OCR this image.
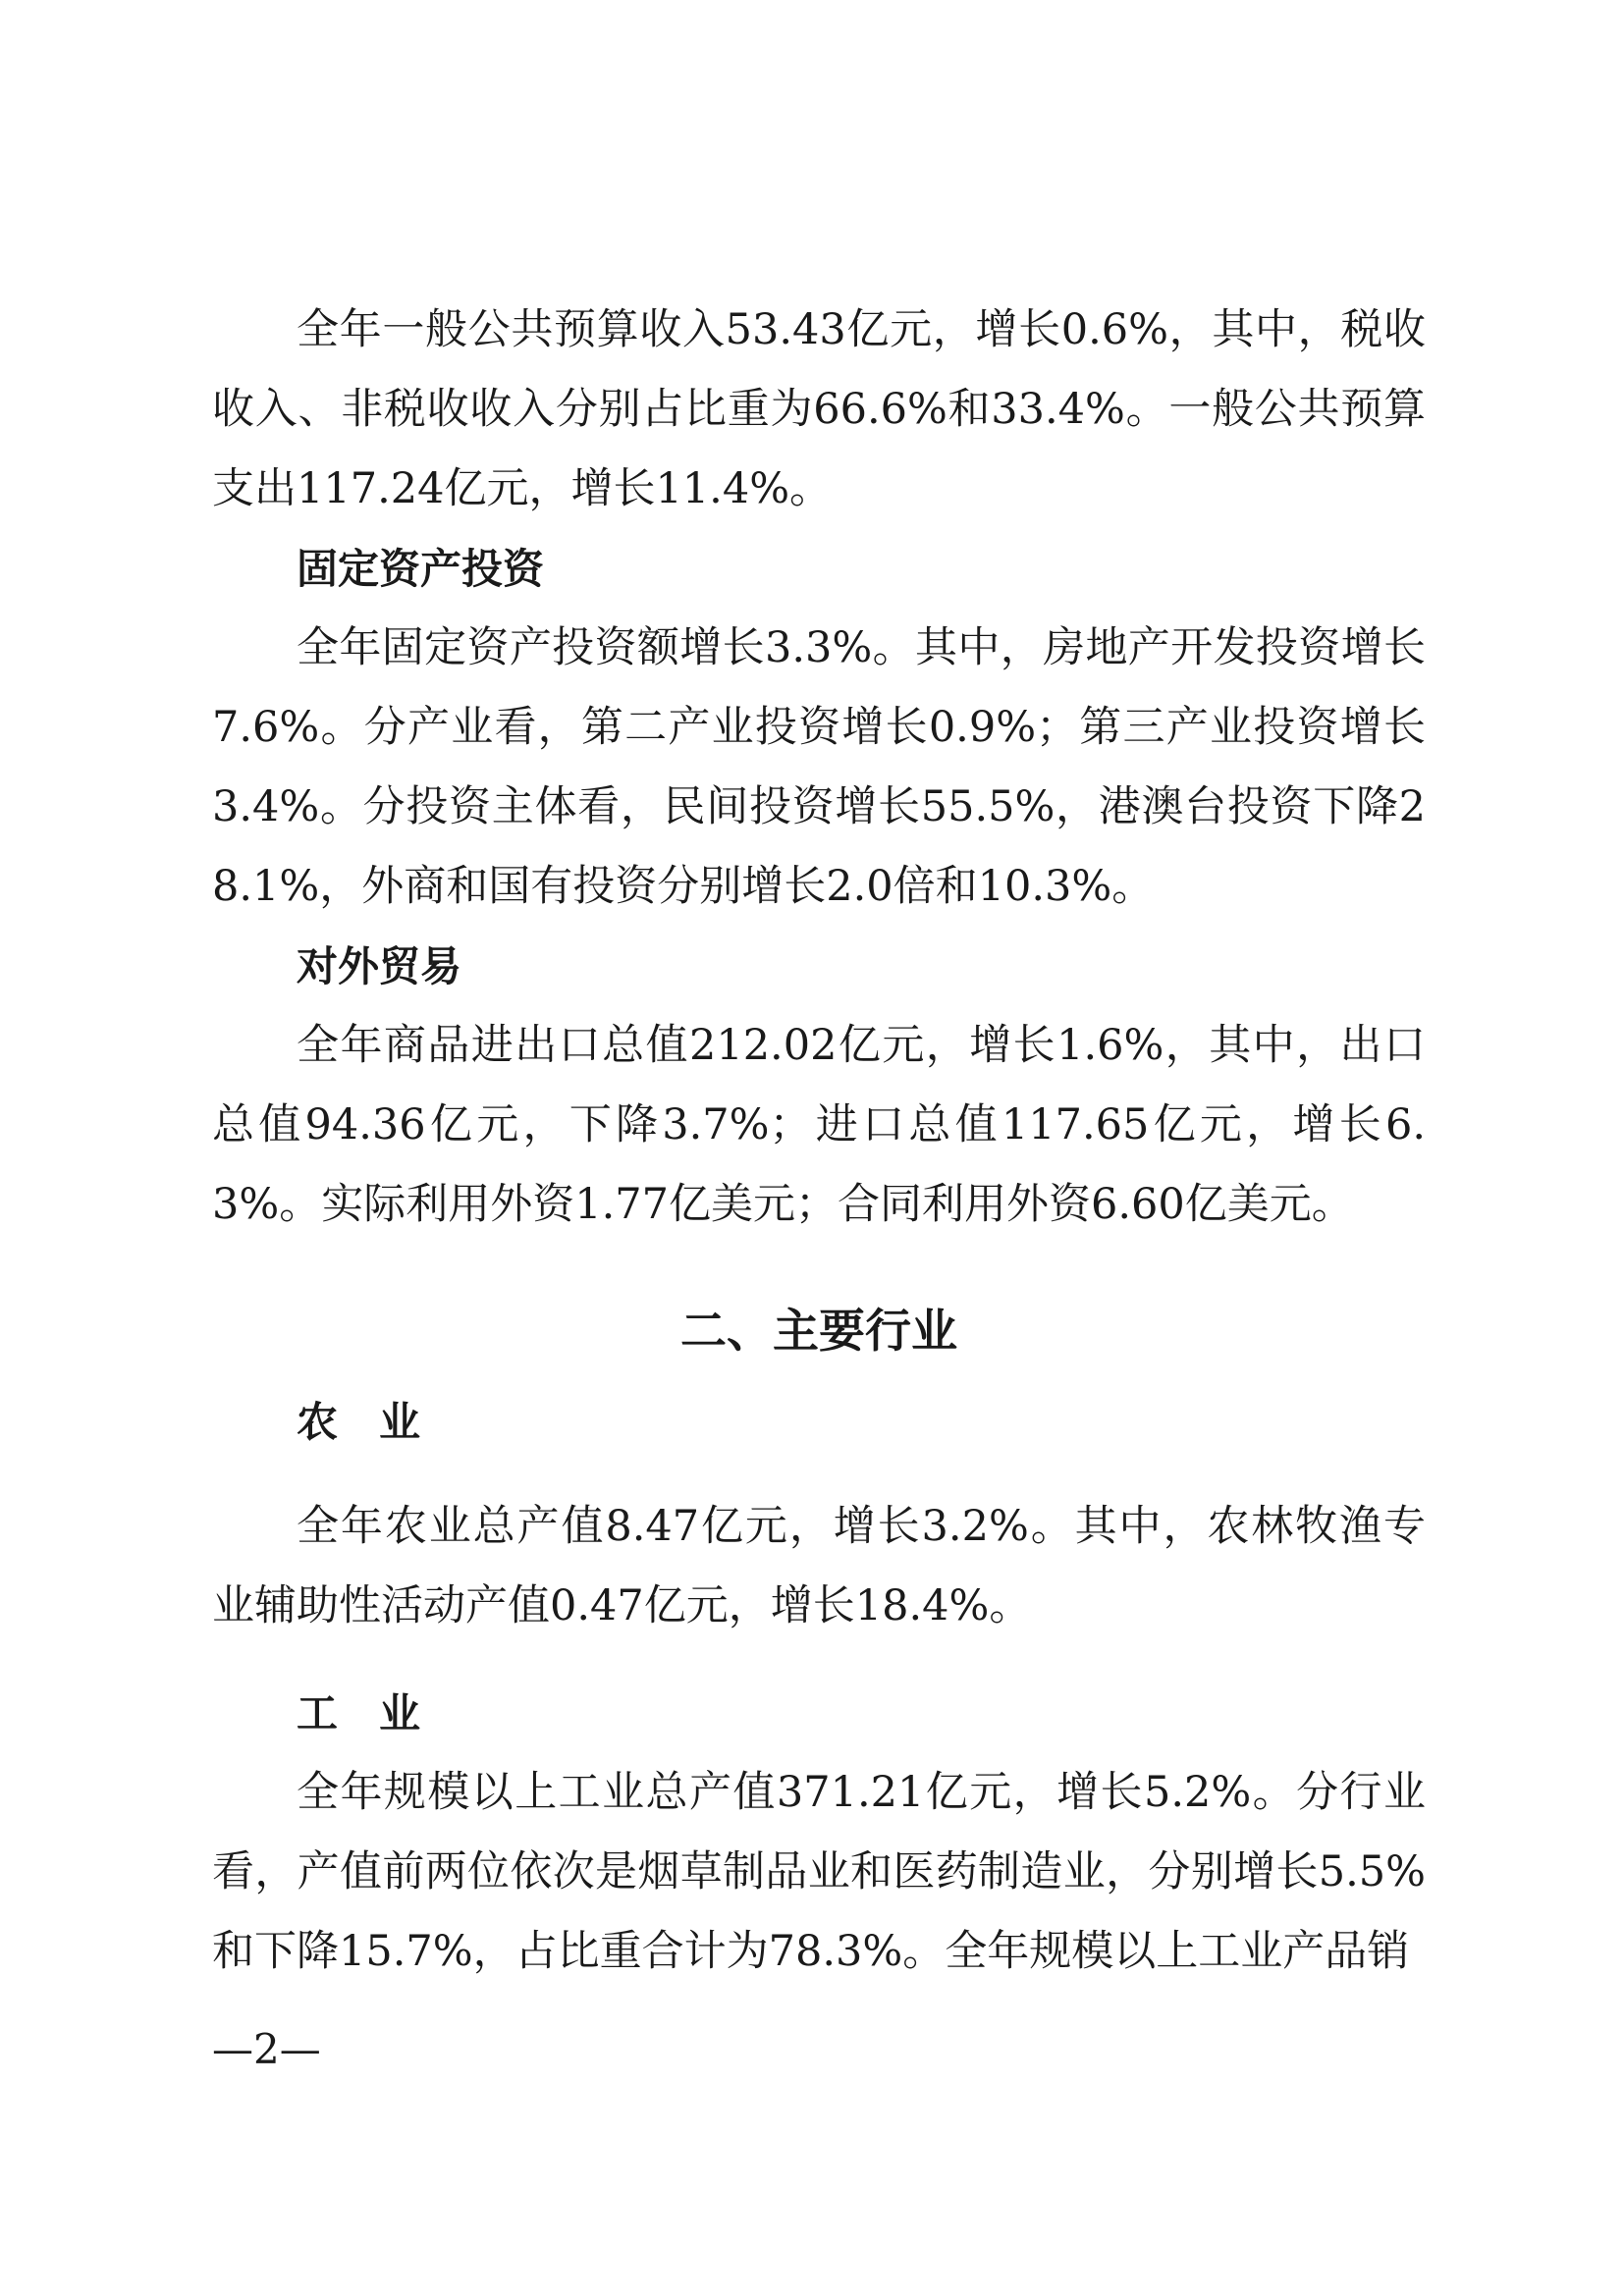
全年一般公共预算收入53.43亿元，增长0.6%，其中，税收收入、非税收收入分别占比重为66.6%和33.4%。一般公共预算支出117.24亿元，增长11.4%。

固定资产投资

全年固定资产投资额增长3.3%。其中，房地产开发投资增长7.6%。分产业看，第二产业投资增长0.9%；第三产业投资增长3.4%。分投资主体看，民间投资增长55.5%，港澳台投资下降28.1%，外商和国有投资分别增长2.0倍和10.3%。

对外贸易

全年商品进出口总值212.02亿元，增长1.6%，其中，出口总值94.36亿元，下降3.7%；进口总值117.65亿元，增长6.3%。实际利用外资1.77亿美元；合同利用外资6.60亿美元。

二、主要行业

农　业

全年农业总产值8.47亿元，增长3.2%。其中，农林牧渔专业辅助性活动产值0.47亿元，增长18.4%。

工　业

全年规模以上工业总产值371.21亿元，增长5.2%。分行业看，产值前两位依次是烟草制品业和医药制造业，分别增长5.5%和下降15.7%，占比重合计为78.3%。全年规模以上工业产品销

—2—
